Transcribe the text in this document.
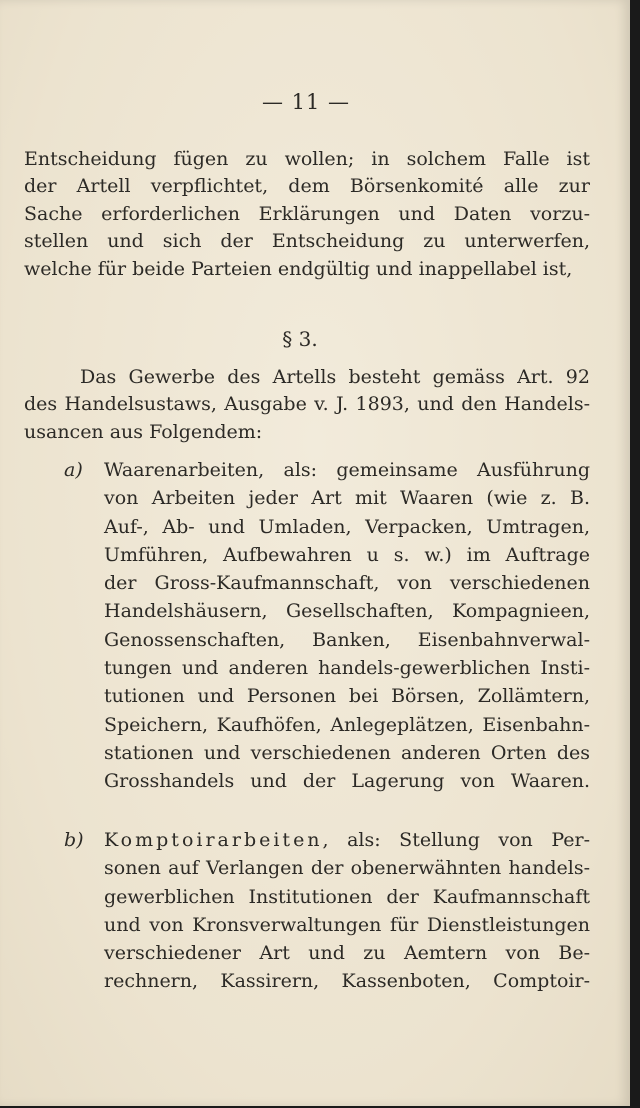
— 11 —
Entscheidung fügen zu wollen; in solchem Falle ist
der Artell verpflichtet, dem Börsenkomité alle zur
Sache erforderlichen Erklärungen und Daten vorzu-
stellen und sich der Entscheidung zu unterwerfen,
welche für beide Parteien endgültig und inappellabel ist,
§ 3.
Das Gewerbe des Artells besteht gemäss Art. 92
des Handelsustaws, Ausgabe v. J. 1893, und den Handels-
usancen aus Folgendem:
a) Waarenarbeiten, als: gemeinsame Ausführung
von Arbeiten jeder Art mit Waaren (wie z. B.
Auf-, Ab- und Umladen, Verpacken, Umtragen,
Umführen, Aufbewahren u s. w.) im Auftrage
der Gross-Kaufmannschaft, von verschiedenen
Handelshäusern, Gesellschaften, Kompagnieen,
Genossenschaften, Banken, Eisenbahnverwal-
tungen und anderen handels-gewerblichen Insti-
tutionen und Personen bei Börsen, Zollämtern,
Speichern, Kaufhöfen, Anlegeplätzen, Eisenbahn-
stationen und verschiedenen anderen Orten des
Grosshandels und der Lagerung von Waaren.
b) Komptoirarbeiten, als: Stellung von Per-
sonen auf Verlangen der obenerwähnten handels-
gewerblichen Institutionen der Kaufmannschaft
und von Kronsverwaltungen für Dienstleistungen
verschiedener Art und zu Aemtern von Be-
rechnern, Kassirern, Kassenboten, Comptoir-
